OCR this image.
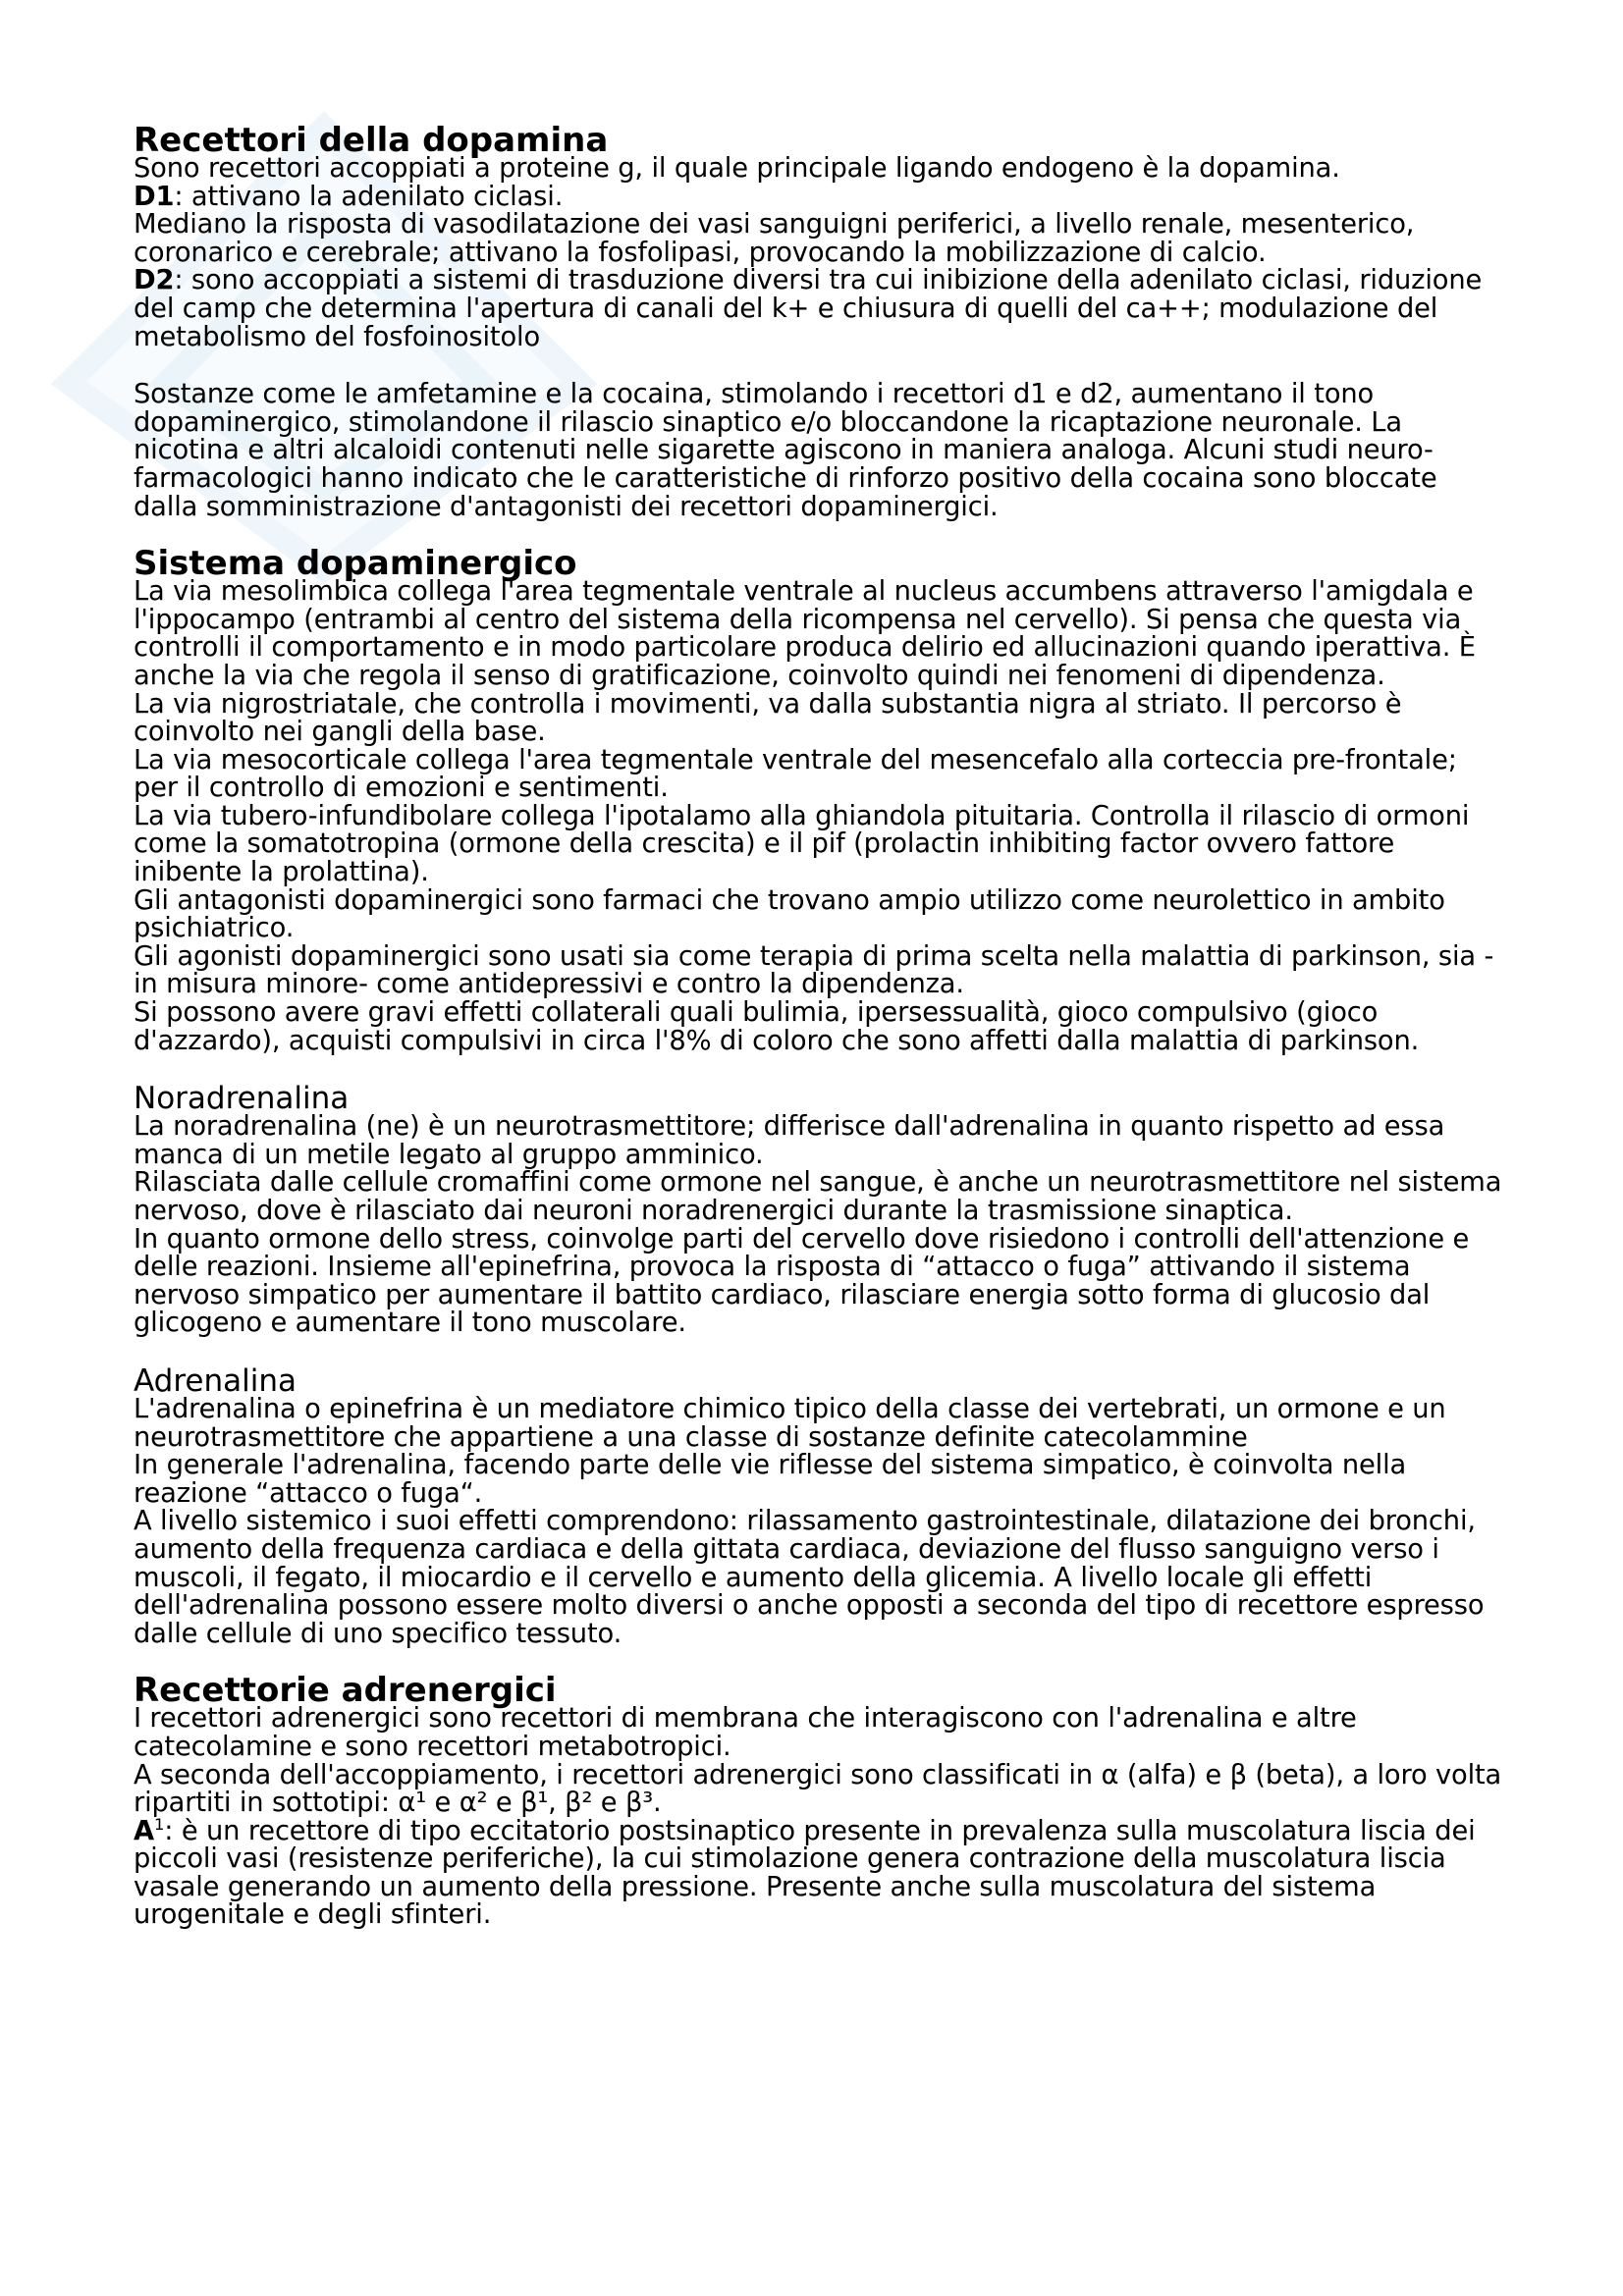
Recettori della dopamina

Sono recettori accoppiati a proteine g, il quale principale ligando endogeno è la dopamina.

D1: attivano la adenilato ciclasi.

Mediano la risposta di vasodilatazione dei vasi sanguigni periferici, a livello renale, mesenterico, coronarico e cerebrale; attivano la fosfolipasi, provocando la mobilizzazione di calcio.

D2: sono accoppiati a sistemi di trasduzione diversi tra cui inibizione della adenilato ciclasi, riduzione del camp che determina l'apertura di canali del k+ e chiusura di quelli del ca++; modulazione del metabolismo del fosfoinositolo

Sostanze come le amfetamine e la cocaina, stimolando i recettori d1 e d2, aumentano il tono dopaminergico, stimolandone il rilascio sinaptico e/o bloccandone la ricaptazione neuronale. La nicotina e altri alcaloidi contenuti nelle sigarette agiscono in maniera analoga. Alcuni studi neuro-farmacologici hanno indicato che le caratteristiche di rinforzo positivo della cocaina sono bloccate dalla somministrazione d'antagonisti dei recettori dopaminergici.

Sistema dopaminergico

La via mesolimbica collega l'area tegmentale ventrale al nucleus accumbens attraverso l'amigdala e l'ippocampo (entrambi al centro del sistema della ricompensa nel cervello). Si pensa che questa via controlli il comportamento e in modo particolare produca delirio ed allucinazioni quando iperattiva. È anche la via che regola il senso di gratificazione, coinvolto quindi nei fenomeni di dipendenza.

La via nigrostriatale, che controlla i movimenti, va dalla substantia nigra al striato. Il percorso è coinvolto nei gangli della base.

La via mesocorticale collega l'area tegmentale ventrale del mesencefalo alla corteccia pre-frontale; per il controllo di emozioni e sentimenti.

La via tubero-infundibolare collega l'ipotalamo alla ghiandola pituitaria. Controlla il rilascio di ormoni come la somatotropina (ormone della crescita) e il pif (prolactin inhibiting factor ovvero fattore inibente la prolattina).

Gli antagonisti dopaminergici sono farmaci che trovano ampio utilizzo come neurolettico in ambito psichiatrico.

Gli agonisti dopaminergici sono usati sia come terapia di prima scelta nella malattia di parkinson, sia -in misura minore- come antidepressivi e contro la dipendenza.

Si possono avere gravi effetti collaterali quali bulimia, ipersessualità, gioco compulsivo (gioco d'azzardo), acquisti compulsivi in circa l'8% di coloro che sono affetti dalla malattia di parkinson.

Noradrenalina

La noradrenalina (ne) è un neurotrasmettitore; differisce dall'adrenalina in quanto rispetto ad essa manca di un metile legato al gruppo amminico.

Rilasciata dalle cellule cromaffini come ormone nel sangue, è anche un neurotrasmettitore nel sistema nervoso, dove è rilasciato dai neuroni noradrenergici durante la trasmissione sinaptica.

In quanto ormone dello stress, coinvolge parti del cervello dove risiedono i controlli dell'attenzione e delle reazioni. Insieme all'epinefrina, provoca la risposta di “attacco o fuga” attivando il sistema nervoso simpatico per aumentare il battito cardiaco, rilasciare energia sotto forma di glucosio dal glicogeno e aumentare il tono muscolare.

Adrenalina

L'adrenalina o epinefrina è un mediatore chimico tipico della classe dei vertebrati, un ormone e un neurotrasmettitore che appartiene a una classe di sostanze definite catecolammine

In generale l'adrenalina, facendo parte delle vie riflesse del sistema simpatico, è coinvolta nella reazione “attacco o fuga“.

A livello sistemico i suoi effetti comprendono: rilassamento gastrointestinale, dilatazione dei bronchi, aumento della frequenza cardiaca e della gittata cardiaca, deviazione del flusso sanguigno verso i muscoli, il fegato, il miocardio e il cervello e aumento della glicemia. A livello locale gli effetti dell'adrenalina possono essere molto diversi o anche opposti a seconda del tipo di recettore espresso dalle cellule di uno specifico tessuto.

Recettorie adrenergici

I recettori adrenergici sono recettori di membrana che interagiscono con l'adrenalina e altre catecolamine e sono recettori metabotropici.

A seconda dell'accoppiamento, i recettori adrenergici sono classificati in α (alfa) e β (beta), a loro volta ripartiti in sottotipi: α¹ e α² e β¹, β² e β³.

$A^1$: è un recettore di tipo eccitatorio postsinaptico presente in prevalenza sulla muscolatura liscia dei piccoli vasi (resistenze periferiche), la cui stimolazione genera contrazione della muscolatura liscia vasale generando un aumento della pressione. Presente anche sulla muscolatura del sistema urogenitale e degli sfinteri.
